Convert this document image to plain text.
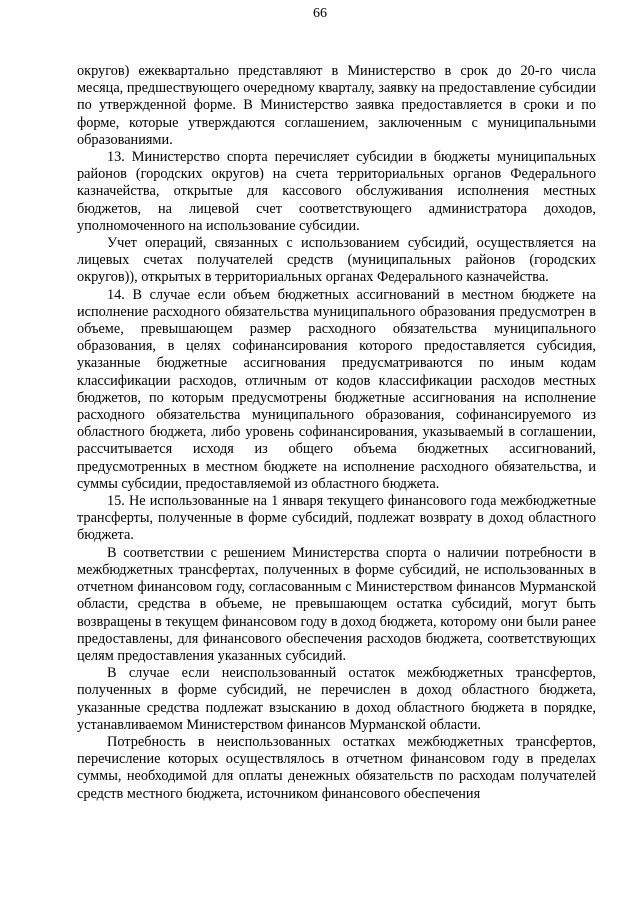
66

округов) ежеквартально представляют в Министерство в срок до 20-го числа месяца, предшествующего очередному кварталу, заявку на предоставление субсидии по утвержденной форме. В Министерство заявка предоставляется в сроки и по форме, которые утверждаются соглашением, заключенным с муниципальными образованиями.

13. Министерство спорта перечисляет субсидии в бюджеты муниципальных районов (городских округов) на счета территориальных органов Федерального казначейства, открытые для кассового обслуживания исполнения местных бюджетов, на лицевой счет соответствующего администратора доходов, уполномоченного на использование субсидии.

Учет операций, связанных с использованием субсидий, осуществляется на лицевых счетах получателей средств (муниципальных районов (городских округов)), открытых в территориальных органах Федерального казначейства.

14. В случае если объем бюджетных ассигнований в местном бюджете на исполнение расходного обязательства муниципального образования предусмотрен в объеме, превышающем размер расходного обязательства муниципального образования, в целях софинансирования которого предоставляется субсидия, указанные бюджетные ассигнования предусматриваются по иным кодам классификации расходов, отличным от кодов классификации расходов местных бюджетов, по которым предусмотрены бюджетные ассигнования на исполнение расходного обязательства муниципального образования, софинансируемого из областного бюджета, либо уровень софинансирования, указываемый в соглашении, рассчитывается исходя из общего объема бюджетных ассигнований, предусмотренных в местном бюджете на исполнение расходного обязательства, и суммы субсидии, предоставляемой из областного бюджета.

15. Не использованные на 1 января текущего финансового года межбюджетные трансферты, полученные в форме субсидий, подлежат возврату в доход областного бюджета.

В соответствии с решением Министерства спорта о наличии потребности в межбюджетных трансфертах, полученных в форме субсидий, не использованных в отчетном финансовом году, согласованным с Министерством финансов Мурманской области, средства в объеме, не превышающем остатка субсидий, могут быть возвращены в текущем финансовом году в доход бюджета, которому они были ранее предоставлены, для финансового обеспечения расходов бюджета, соответствующих целям предоставления указанных субсидий.

В случае если неиспользованный остаток межбюджетных трансфертов, полученных в форме субсидий, не перечислен в доход областного бюджета, указанные средства подлежат взысканию в доход областного бюджета в порядке, устанавливаемом Министерством финансов Мурманской области.

Потребность в неиспользованных остатках межбюджетных трансфертов, перечисление которых осуществлялось в отчетном финансовом году в пределах суммы, необходимой для оплаты денежных обязательств по расходам получателей средств местного бюджета, источником финансового обеспечения
